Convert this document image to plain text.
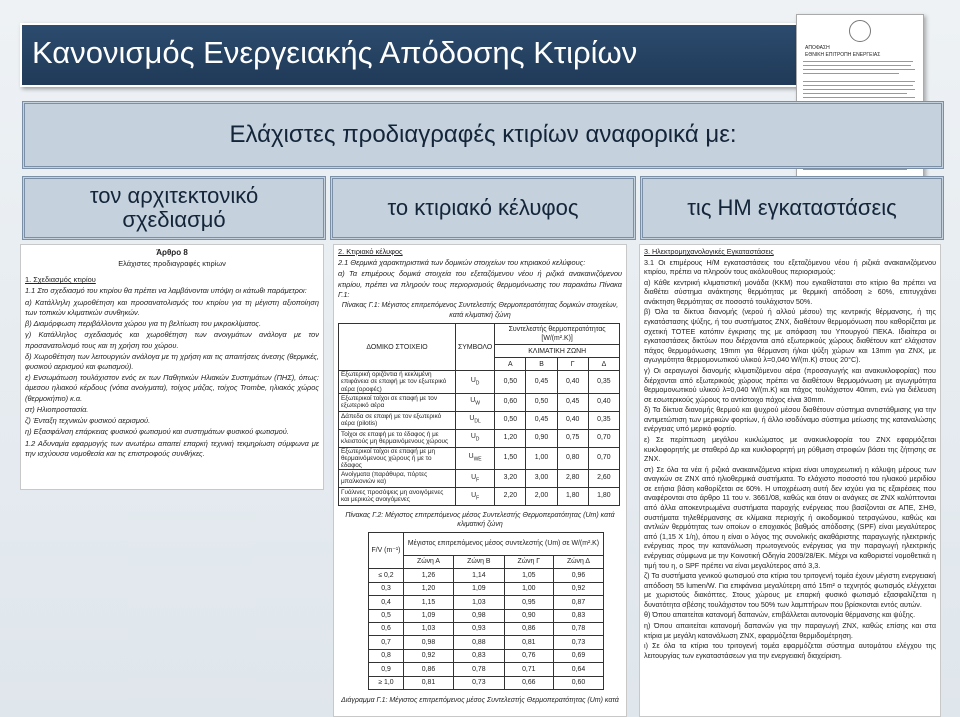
Κανονισμός Ενεργειακής Απόδοσης Κτιρίων	ΑΠΟΦΑΣΗ
ΕΘΝΙΚΗ ΕΠΙΤΡΟΠΗ ΕΝΕΡΓΕΙΑΣ
Ελάχιστες προδιαγραφές κτιρίων αναφορικά με:
τον αρχιτεκτονικό σχεδιασμό	το κτιριακό κέλυφος	τις ΗΜ εγκαταστάσεις

Άρθρο 8

Ελάχιστες προδιαγραφές κτιρίων

1. Σχεδιασμός κτιρίου

1.1 Στο σχεδιασμό του κτιρίου θα πρέπει να λαμβάνονται υπόψη οι κάτωθι παράμετροι:

α) Κατάλληλη χωροθέτηση και προσανατολισμός του κτιρίου για τη μέγιστη αξιοποίηση των τοπικών κλιματικών συνθηκών.

β) Διαμόρφωση περιβάλλοντα χώρου για τη βελτίωση του μικροκλίματος.

γ) Κατάλληλος σχεδιασμός και χωροθέτηση των ανοιγμάτων ανάλογα με τον προσανατολισμό τους και τη χρήση του χώρου.

δ) Χωροθέτηση των λειτουργιών ανάλογα με τη χρήση και τις απαιτήσεις άνεσης (θερμικές, φυσικού αερισμού και φωτισμού).

ε) Ενσωμάτωση τουλάχιστον ενός εκ των Παθητικών Ηλιακών Συστημάτων (ΠΗΣ), όπως: άμεσου ηλιακού κέρδους (νότια ανοίγματα), τοίχος μάζας, τοίχος Trombe, ηλιακός χώρος (θερμοκήπιο) κ.α.

στ) Ηλιοπροστασία.

ζ) Ένταξη τεχνικών φυσικού αερισμού.

η) Εξασφάλιση επάρκειας φυσικού φωτισμού και συστημάτων φυσικού φωτισμού.

1.2 Αδυναμία εφαρμογής των ανωτέρω απαιτεί επαρκή τεχνική τεκμηρίωση σύμφωνα με την ισχύουσα νομοθεσία και τις επιστροφούς συνθήκες.

2. Κτιριακό κέλυφος

2.1 Θερμικά χαρακτηριστικά των δομικών στοιχείων του κτιριακού κελύφους:

α) Τα επιμέρους δομικά στοιχεία του εξεταζόμενου νέου ή ριζικά ανακαινιζόμενου κτιρίου, πρέπει να πληρούν τους περιορισμούς θερμομόνωσης του παρακάτω Πίνακα Γ.1:

Πίνακας Γ.1: Μέγιστος επιτρεπόμενος Συντελεστής Θερμοπερατότητας δομικών στοιχείων, κατά κλιματική ζώνη

ΔΟΜΙΚΟ ΣΤΟΙΧΕΙΟ	ΣΥΜΒΟΛΟ	Συντελεστής θερμοπερατότητας [W/(m².K)]			
		ΚΛΙΜΑΤΙΚΗ ΖΩΝΗ			
		Α	Β	Γ	Δ
Εξωτερική οριζόντια ή κεκλιμένη επιφάνεια σε επαφή με τον εξωτερικό αέρα (οροφές)	$U_D$	0,50	0,45	0,40	0,35
Εξωτερικοί τοίχοι σε επαφή με τον εξωτερικό αέρα	$U_W$	0,60	0,50	0,45	0,40
Δάπεδα σε επαφή με τον εξωτερικό αέρα (pilotis)	$U_{DL}$	0,50	0,45	0,40	0,35
Τοίχοι σε επαφή με το έδαφος ή με κλειστούς μη θερμαινόμενους χώρους	$U_D$	1,20	0,90	0,75	0,70
Εξωτερικοί τοίχοι σε επαφή με μη θερμαινόμενους χώρους ή με το έδαφος	$U_{WE}$	1,50	1,00	0,80	0,70
Ανοίγματα (παράθυρα, πόρτες μπαλκονιών κα)	$U_F$	3,20	3,00	2,80	2,60
Γυάλινες προσόψεις μη ανοιγόμενες και μερικώς ανοιγόμενες	$U_F$	2,20	2,00	1,80	1,80

Πίνακας Γ.2: Μέγιστος επιτρεπόμενος μέσος Συντελεστής Θερμοπερατότητας (Um) κατά κλιματική ζώνη

F/V (m⁻¹)	Μέγιστος επιτρεπόμενος μέσος συντελεστής (Um) σε W/(m².K)			
	Ζώνη Α	Ζώνη Β	Ζώνη Γ	Ζώνη Δ
≤ 0,2	1,26	1,14	1,05	0,96
0,3	1,20	1,09	1,00	0,92
0,4	1,15	1,03	0,95	0,87
0,5	1,09	0,98	0,90	0,83
0,6	1,03	0,93	0,86	0,78
0,7	0,98	0,88	0,81	0,73
0,8	0,92	0,83	0,76	0,69
0,9	0,86	0,78	0,71	0,64
≥ 1,0	0,81	0,73	0,66	0,60

Διάγραμμα Γ.1: Μέγιστος επιτρεπόμενος μέσος Συντελεστής Θερμοπερατότητας (Um) κατά

3. Ηλεκτρομηχανολογικές Εγκαταστάσεις

3.1 Οι επιμέρους Η/Μ εγκαταστάσεις του εξεταζόμενου νέου ή ριζικά ανακαινιζόμενου κτιρίου, πρέπει να πληρούν τους ακόλουθους περιορισμούς:

α) Κάθε κεντρική κλιματιστική μονάδα (ΚΚΜ) που εγκαθίσταται στο κτίριο θα πρέπει να διαθέτει σύστημα ανάκτησης θερμότητας με θερμική απόδοση ≥ 60%, επιτυγχάνει ανάκτηση θερμότητας σε ποσοστό τουλάχιστον 50%.

β) Όλα τα δίκτυα διανομής (νερού ή αλλού μέσου) της κεντρικής θέρμανσης, ή της εγκατάστασης ψύξης, ή του συστήματος ΖΝΧ, διαθέτουν θερμομόνωση που καθορίζεται με σχετική ΤΟΤΕΕ κατόπιν έγκρισης της με απόφαση του Υπουργού ΠΕΚΑ. Ιδιαίτερα οι εγκαταστάσεις δικτύων που διέρχονται από εξωτερικούς χώρους διαθέτουν κατ' ελάχιστον πάχος θερμομόνωσης 19mm για θέρμανση ή/και ψύξη χώρων και 13mm για ΖΝΧ, με αγωγιμότητα θερμομονωτικού υλικού λ=0,040 W/(m.K) στους 20°C).

γ) Οι αεραγωγοί διανομής κλιματιζόμενου αέρα (προσαγωγής και ανακυκλοφορίας) που διέρχονται από εξωτερικούς χώρους πρέπει να διαθέτουν θερμομόνωση με αγωγιμότητα θερμομονωτικού υλικού λ=0,040 W/(m.K) και πάχος τουλάχιστον 40mm, ενώ για διέλευση σε εσωτερικούς χώρους το αντίστοιχο πάχος είναι 30mm.

δ) Τα δίκτυα διανομής θερμού και ψυχρού μέσου διαθέτουν σύστημα αντιστάθμισης για την αντιμετώπιση των μερικών φορτίων, ή άλλο ισοδύναμο σύστημα μείωσης της καταναλώσης ενέργειας υπό μερικό φορτίο.

ε) Σε περίπτωση μεγάλου κυκλώματος με ανακυκλοφορία του ΖΝΧ εφαρμόζεται κυκλοφορητής με σταθερό Δp και κυκλοφορητή μη ρύθμιση στροφών βάσει της ζήτησης σε ΖΝΧ.

στ) Σε όλα τα νέα ή ριζικά ανακαινιζόμενα κτίρια είναι υποχρεωτική η κάλυψη μέρους των αναγκών σε ΖΝΧ από ηλιοθερμικά συστήματα. Το ελάχιστο ποσοστό του ηλιακού μεριδίου σε ετήσια βάση καθορίζεται σε 60%. Η υποχρέωση αυτή δεν ισχύει για τις εξαιρέσεις που αναφέρονται στο άρθρο 11 του ν. 3661/08, καθώς και όταν οι ανάγκες σε ΖΝΧ καλύπτονται από άλλα αποκεντρωμένα συστήματα παροχής ενέργειας που βασίζονται σε ΑΠΕ, ΣΗΘ, συστήματα τηλεθέρμανσης σε κλίμακα περιοχής ή οικοδομικού τετραγώνου, καθώς και αντλιών θερμότητας των οποίων ο εποχιακός βαθμός απόδοσης (SPF) είναι μεγαλύτερος από (1,15 Χ 1/η), όπου η είναι ο λόγος της συνολικής ακαθάριστης παραγωγής ηλεκτρικής ενέργειας προς την κατανάλωση πρωτογενούς ενέργειας για την παραγωγή ηλεκτρικής ενέργειας σύμφωνα με την Κοινοτική Οδηγία 2009/28/ΕΚ. Μέχρι να καθοριστεί νομοθετικά η τιμή του η, ο SPF πρέπει να είναι μεγαλύτερος από 3,3.

ζ) Τα συστήματα γενικού φωτισμού στα κτίρια του τριτογενή τομέα έχουν μέγιστη ενεργειακή απόδοση 55 lumen/W. Για επιφάνεια μεγαλύτερη από 15m² ο τεχνητός φωτισμός ελέγχεται με χωριστούς διακόπτες. Στους χώρους με επαρκή φυσικό φωτισμό εξασφαλίζεται η δυνατότητα σβέσης τουλάχιστον του 50% των λαμπτήρων που βρίσκονται εντός αυτών.

θ) Όπου απαιτείται κατανομή δαπανών, επιβάλλεται αυτονομία θέρμανσης και ψύξης.

η) Όπου απαιτείται κατανομή δαπανών για την παραγωγή ΖΝΧ, καθώς επίσης και στα κτίρια με μεγάλη κατανάλωση ΖΝΧ, εφαρμόζεται θερμιδομέτρηση.

ι) Σε όλα τα κτίρια του τριτογενή τομέα εφαρμόζεται σύστημα αυτομάτου ελέγχου της λειτουργίας των εγκαταστάσεων για την ενεργειακή διαχείριση.
